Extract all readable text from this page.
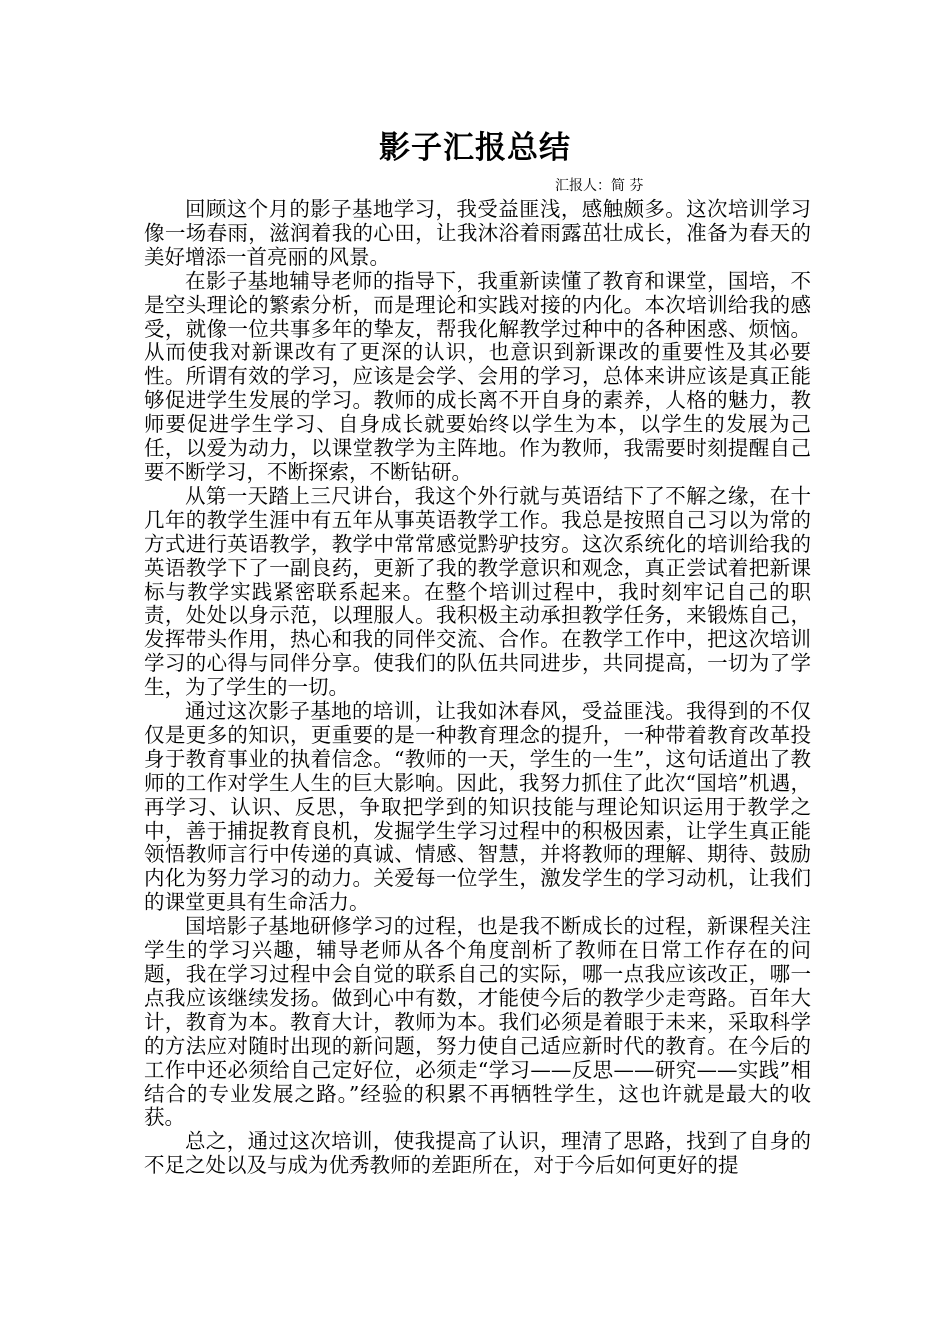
影子汇报总结
汇报人：简 芬

回顾这个月的影子基地学习，我受益匪浅，感触颇多。这次培训学习像一场春雨，滋润着我的心田，让我沐浴着雨露茁壮成长，准备为春天的美好增添一首亮丽的风景。

在影子基地辅导老师的指导下，我重新读懂了教育和课堂，国培，不是空头理论的繁索分析，而是理论和实践对接的内化。本次培训给我的感受，就像一位共事多年的挚友，帮我化解教学过种中的各种困惑、烦恼。从而使我对新课改有了更深的认识，也意识到新课改的重要性及其必要性。所谓有效的学习，应该是会学、会用的学习，总体来讲应该是真正能够促进学生发展的学习。教师的成长离不开自身的素养，人格的魅力，教师要促进学生学习、自身成长就要始终以学生为本，以学生的发展为己任，以爱为动力，以课堂教学为主阵地。作为教师，我需要时刻提醒自己要不断学习，不断探索，不断钻研。

从第一天踏上三尺讲台，我这个外行就与英语结下了不解之缘，在十几年的教学生涯中有五年从事英语教学工作。我总是按照自己习以为常的方式进行英语教学，教学中常常感觉黔驴技穷。这次系统化的培训给我的英语教学下了一副良药，更新了我的教学意识和观念，真正尝试着把新课标与教学实践紧密联系起来。在整个培训过程中，我时刻牢记自己的职责，处处以身示范，以理服人。我积极主动承担教学任务，来锻炼自己，发挥带头作用，热心和我的同伴交流、合作。在教学工作中，把这次培训学习的心得与同伴分享。使我们的队伍共同进步，共同提高，一切为了学生，为了学生的一切。

通过这次影子基地的培训，让我如沐春风，受益匪浅。我得到的不仅仅是更多的知识，更重要的是一种教育理念的提升，一种带着教育改革投身于教育事业的执着信念。“教师的一天，学生的一生”，这句话道出了教师的工作对学生人生的巨大影响。因此，我努力抓住了此次“国培”机遇，再学习、认识、反思，争取把学到的知识技能与理论知识运用于教学之中，善于捕捉教育良机，发掘学生学习过程中的积极因素，让学生真正能领悟教师言行中传递的真诚、情感、智慧，并将教师的理解、期待、鼓励内化为努力学习的动力。关爱每一位学生，激发学生的学习动机，让我们的课堂更具有生命活力。

国培影子基地研修学习的过程，也是我不断成长的过程，新课程关注学生的学习兴趣，辅导老师从各个角度剖析了教师在日常工作存在的问题，我在学习过程中会自觉的联系自己的实际，哪一点我应该改正，哪一点我应该继续发扬。做到心中有数，才能使今后的教学少走弯路。百年大计，教育为本。教育大计，教师为本。我们必须是着眼于未来，采取科学的方法应对随时出现的新问题，努力使自己适应新时代的教育。在今后的工作中还必须给自己定好位，必须走“学习——反思——研究——实践”相结合的专业发展之路。”经验的积累不再牺牲学生，这也许就是最大的收获。

总之，通过这次培训，使我提高了认识，理清了思路，找到了自身的不足之处以及与成为优秀教师的差距所在，对于今后如何更好的提
